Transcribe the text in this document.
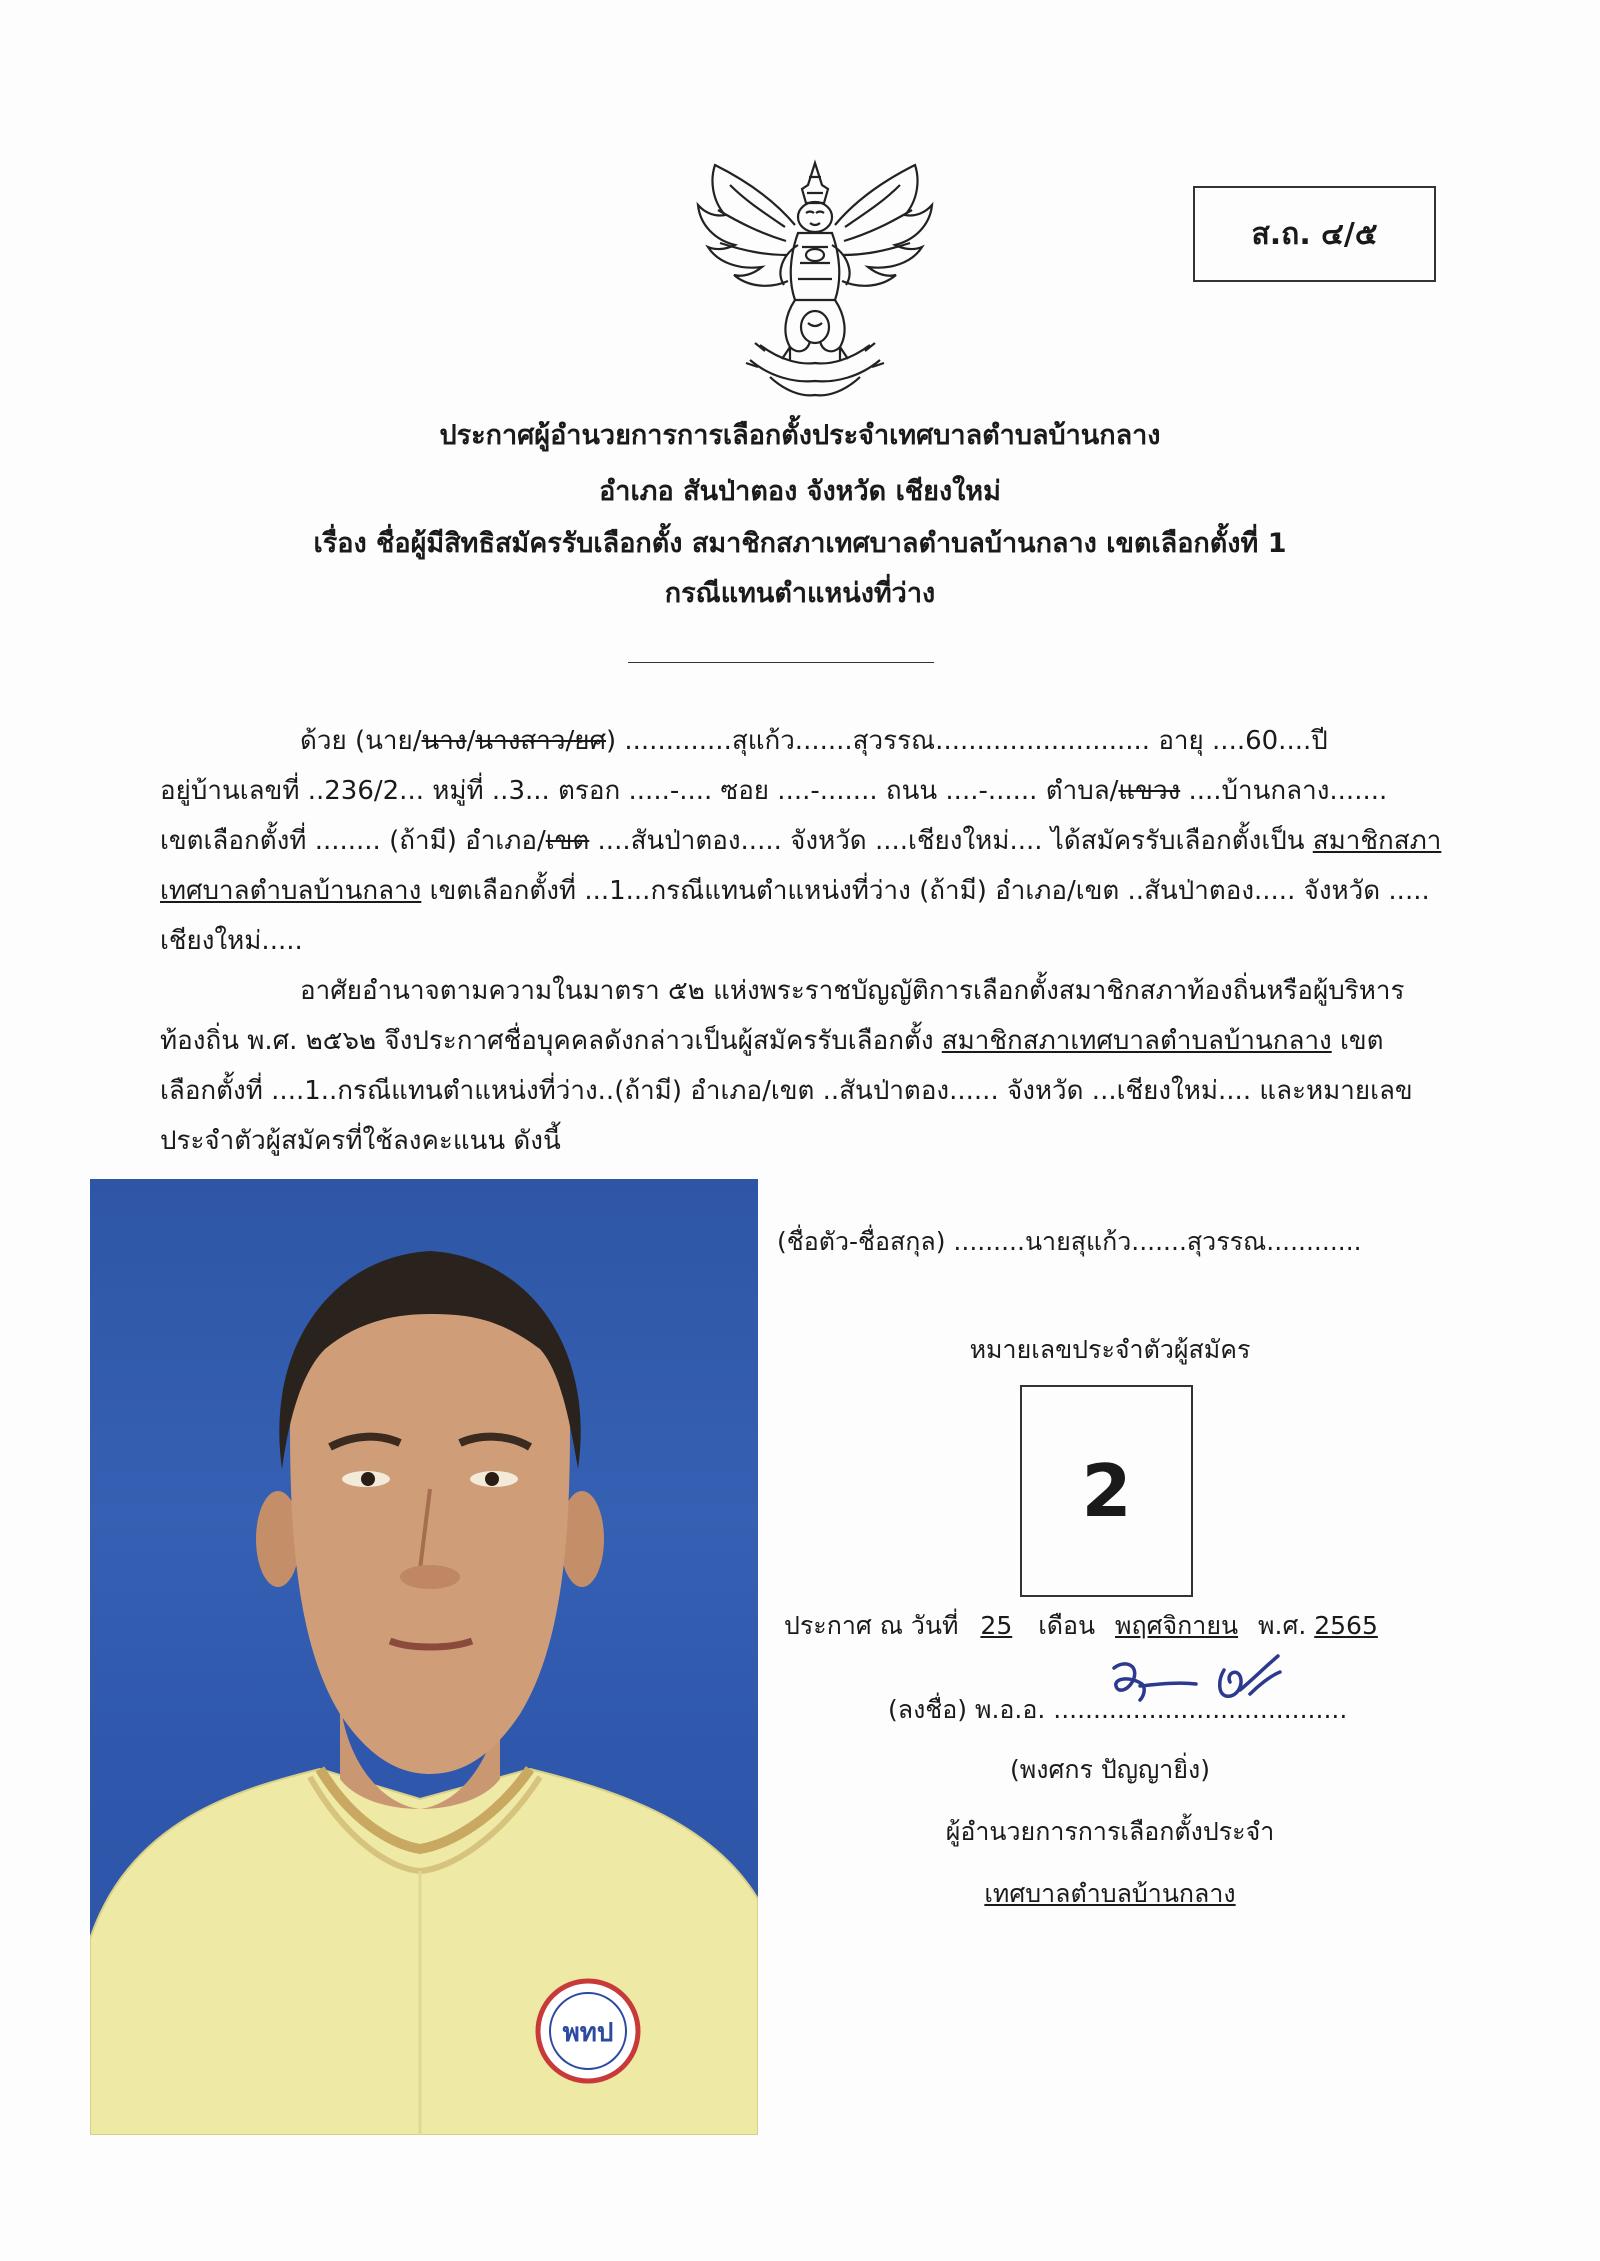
ส.ถ. ๔/๕
ประกาศผู้อำนวยการการเลือกตั้งประจำเทศบาลตำบลบ้านกลาง
อำเภอ สันป่าตอง จังหวัด เชียงใหม่
เรื่อง ชื่อผู้มีสิทธิสมัครรับเลือกตั้ง สมาชิกสภาเทศบาลตำบลบ้านกลาง เขตเลือกตั้งที่ 1
กรณีแทนตำแหน่งที่ว่าง
ด้วย (นาย/นาง/นางสาว/ยศ) .............สุแก้ว.......สุวรรณ.......................... อายุ ....60....ปี
อยู่บ้านเลขที่ ..236/2... หมู่ที่ ..3... ตรอก .....-.... ซอย ....-....... ถนน ....-...... ตำบล/แขวง ....บ้านกลาง.......
เขตเลือกตั้งที่ ........ (ถ้ามี) อำเภอ/เขต ....สันป่าตอง..... จังหวัด ....เชียงใหม่.... ได้สมัครรับเลือกตั้งเป็น สมาชิกสภา
เทศบาลตำบลบ้านกลาง เขตเลือกตั้งที่ ...1...กรณีแทนตำแหน่งที่ว่าง (ถ้ามี) อำเภอ/เขต ..สันป่าตอง..... จังหวัด .....
เชียงใหม่.....
อาศัยอำนาจตามความในมาตรา ๕๒ แห่งพระราชบัญญัติการเลือกตั้งสมาชิกสภาท้องถิ่นหรือผู้บริหาร
ท้องถิ่น พ.ศ. ๒๕๖๒ จึงประกาศชื่อบุคคลดังกล่าวเป็นผู้สมัครรับเลือกตั้ง สมาชิกสภาเทศบาลตำบลบ้านกลาง เขต
เลือกตั้งที่ ....1..กรณีแทนตำแหน่งที่ว่าง..(ถ้ามี) อำเภอ/เขต ..สันป่าตอง...... จังหวัด ...เชียงใหม่.... และหมายเลข
ประจำตัวผู้สมัครที่ใช้ลงคะแนน ดังนี้
พทป
(ชื่อตัว-ชื่อสกุล) .........นายสุแก้ว.......สุวรรณ............
หมายเลขประจำตัวผู้สมัคร
2
ประกาศ ณ วันที่ 25 เดือน พฤศจิกายน พ.ศ. 2565
(ลงชื่อ) พ.อ.อ. .....................................
(พงศกร ปัญญายิ่ง)
ผู้อำนวยการการเลือกตั้งประจำ
เทศบาลตำบลบ้านกลาง
